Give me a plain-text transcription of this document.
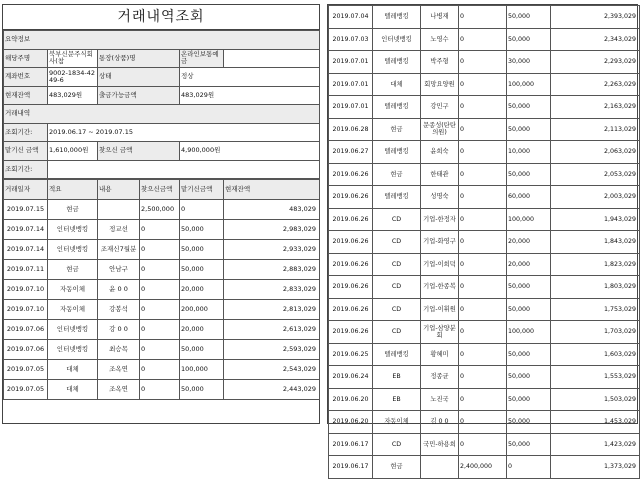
거래내역조회
요약정보				
해당주명	북부신문주식회사(참	통장(상품)명	온라인보통예금	
계좌번호	9002-1834-4249-6	상태	정상	
현재잔액	483,029원	출금가능금액	483,029원	
거래내역				
조회기간:	2019.06.17 ~ 2019.07.15			
맡기신 금액	1,610,000원	찾으신 금액	4,900,000원	
조회기간:				
거래일자	적요	내용	찾으신금액	맡기신금액	현재잔액
2019.07.15	현금		2,500,000	0	483,029
2019.07.14	인터넷뱅킹	정교선	0	50,000	2,983,029
2019.07.14	인터넷뱅킹	조재신7월분	0	50,000	2,933,029
2019.07.11	현금	안남구	0	50,000	2,883,029
2019.07.10	자동이체	윤 0 0	0	20,000	2,833,029
2019.07.10	자동이체	강봉석	0	200,000	2,813,029
2019.07.06	인터넷뱅킹	강 0 0	0	20,000	2,613,029
2019.07.06	인터넷뱅킹	최승목	0	50,000	2,593,029
2019.07.05	대체	조옥연	0	100,000	2,543,029
2019.07.05	대체	조옥연	0	50,000	2,443,029
2019.07.04	텔레뱅킹	나병재	0	50,000	2,393,029
2019.07.03	인터넷뱅킹	노영수	0	50,000	2,343,029
2019.07.01	텔레뱅킹	박주형	0	30,000	2,293,029
2019.07.01	대체	회망요양원	0	100,000	2,263,029
2019.07.01	텔레뱅킹	강민구	0	50,000	2,163,029
2019.06.28	현금	문종성(탄탄의원)	0	50,000	2,113,029
2019.06.27	텔레뱅킹	윤희숙	0	10,000	2,063,029
2019.06.26	현금	한태관	0	50,000	2,053,029
2019.06.26	텔레뱅킹	성명숙	0	60,000	2,003,029
2019.06.26	CD	기업-한정자	0	100,000	1,943,029
2019.06.26	CD	기업-화영구	0	20,000	1,843,029
2019.06.26	CD	기업-이희덕	0	20,000	1,823,029
2019.06.26	CD	기업-한종복	0	50,000	1,803,029
2019.06.26	CD	기업-이휘원	0	50,000	1,753,029
2019.06.26	CD	기업-삼양분회	0	100,000	1,703,029
2019.06.25	텔레뱅킹	황혜미	0	50,000	1,603,029
2019.06.24	EB	정종균	0	50,000	1,553,029
2019.06.20	EB	노진국	0	50,000	1,503,029
2019.06.20	자동이체	김 0 0	0	50,000	1,453,029
2019.06.17	CD	국민-하용희	0	50,000	1,423,029
2019.06.17	현금		2,400,000	0	1,373,029
